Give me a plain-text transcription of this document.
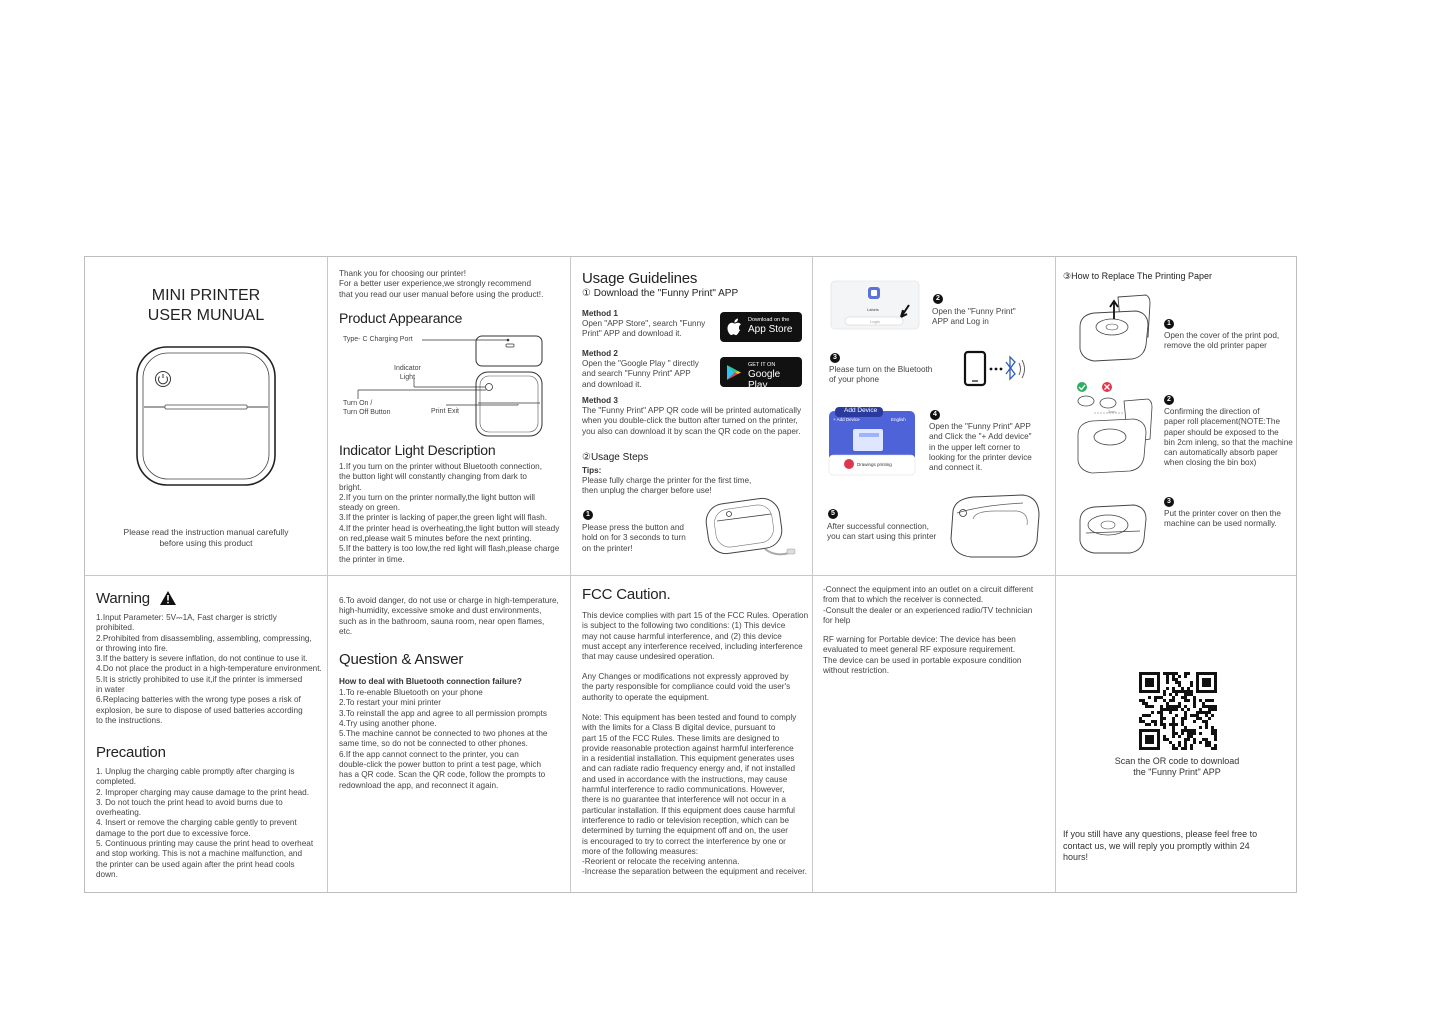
MINI PRINTER
USER MUNUAL
Please read the instruction manual carefully
before using this product
Thank you for choosing our printer!
For a better user experience,we strongly recommend
that you read our user manual before using the product!.
Product Appearance
Type- C Charging Port
Indicator
Light
Turn On /
Turn Off Button	Print Exit
Indicator Light Description
1.If you turn on the printer without Bluetooth connection,
the button light will constantly changing from dark to
bright.
2.If you turn on the printer normally,the light button will
steady on green.
3.If the printer is lacking of paper,the green light will flash.
4.If the printer head is overheating,the light button will steady
on red,please wait 5 minutes before the next printing.
5.If the battery is too low,the red light will flash,please charge
the printer in time.
Usage Guidelines
① Download the "Funny Print" APP
Method 1
Open "APP Store", search "Funny
Print" APP and download it.
Download on the
App Store
Method 2
Open the "Google Play " directly
and search "Funny Print" APP
and download it.
GET IT ON
Google Play
Method 3
The "Funny Print" APP QR code will be printed automatically
when you double-click the button after turned on the printer,
you also can download it by scan the QR code on the paper.
②Usage Steps
Tips:
Please fully charge the printer for the first time,
then unplug the charger before use!
1
Please press the button and
hold on for 3 seconds to turn
on the printer!
Labels
Login
2
Open the "Funny Print"
APP and Log in
3
Please turn on the Bluetooth
of your phone
Add Device
+ Add Device	English
Drawings printing
4
Open the "Funny Print" APP
and Click the "+ Add device"
in the upper left corner to
looking for the printer device
and connect it.
5
After successful connection,
you can start using this printer
③How to Replace The Printing Paper
1
Open the cover of the print pod,
remove the old printer paper
2cm
2
Confirming the direction of
paper roll placement(NOTE:The
paper should be exposed to the
bin 2cm inleng, so that the machine
can automatically absorb paper
when closing the bin box)
3
Put the printer cover on then the
machine can be used normally.
Warning
1.Input Parameter: 5V⎓1A, Fast charger is strictly
prohibited.
2.Prohibited from disassembling, assembling, compressing,
or throwing into fire.
3.If the battery is severe inflation, do not continue to use it.
4.Do not place the product in a high-temperature environment.
5.It is strictly prohibited to use it,if the printer is immersed
in water
6.Replacing batteries with the wrong type poses a risk of
explosion, be sure to dispose of used batteries according
to the instructions.
Precaution
1. Unplug the charging cable promptly after charging is
completed.
2. Improper charging may cause damage to the print head.
3. Do not touch the print head to avoid burns due to
overheating.
4. Insert or remove the charging cable gently to prevent
damage to the port due to excessive force.
5. Continuous printing may cause the print head to overheat
and stop working. This is not a machine malfunction, and
the printer can be used again after the print head cools
down.
6.To avoid danger, do not use or charge in high-temperature,
high-humidity, excessive smoke and dust environments,
such as in the bathroom, sauna room, near open flames,
etc.
Question & Answer
How to deal with Bluetooth connection failure?
1.To re-enable Bluetooth on your phone
2.To restart your mini printer
3.To reinstall the app and agree to all permission prompts
4.Try using another phone.
5.The machine cannot be connected to two phones at the
same time, so do not be connected to other phones.
6.If the app cannot connect to the printer, you can
double-click the power button to print a test page, which
has a QR code. Scan the QR code, follow the prompts to
redownload the app, and reconnect it again.
FCC Caution.
This device complies with part 15 of the FCC Rules. Operation
is subject to the following two conditions: (1) This device
may not cause harmful interference, and (2) this device
must accept any interference received, including interference
that may cause undesired operation.
Any Changes or modifications not expressly approved by
the party responsible for compliance could void the user's
authority to operate the equipment.
Note: This equipment has been tested and found to comply
with the limits for a Class B digital device, pursuant to
part 15 of the FCC Rules. These limits are designed to
provide reasonable protection against harmful interference
in a residential installation. This equipment generates uses
and can radiate radio frequency energy and, if not installed
and used in accordance with the instructions, may cause
harmful interference to radio communications. However,
there is no guarantee that interference will not occur in a
particular installation. If this equipment does cause harmful
interference to radio or television reception, which can be
determined by turning the equipment off and on, the user
is encouraged to try to correct the interference by one or
more of the following measures:
-Reorient or relocate the receiving antenna.
-Increase the separation between the equipment and receiver.
-Connect the equipment into an outlet on a circuit different
from that to which the receiver is connected.
-Consult the dealer or an experienced radio/TV technician
for help
RF warning for Portable device: The device has been
evaluated to meet general RF exposure requirement.
The device can be used in portable exposure condition
without restriction.
Scan the OR code to download
the "Funny Print" APP
If you still have any questions, please feel free to
contact us, we will reply you promptly within 24
hours!
